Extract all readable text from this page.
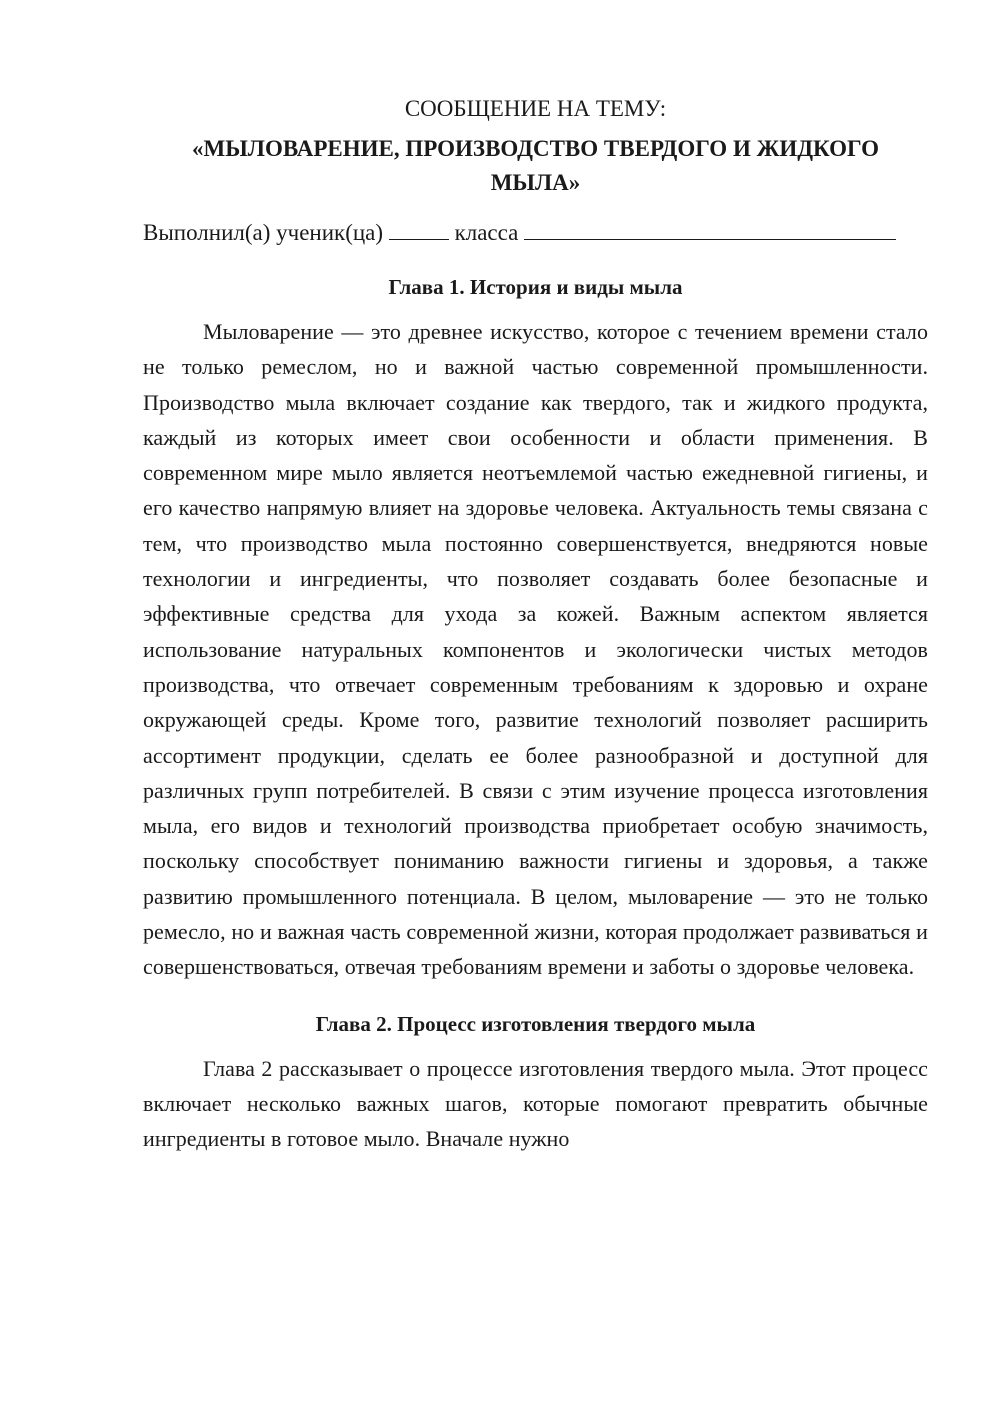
СООБЩЕНИЕ НА ТЕМУ:

«МЫЛОВАРЕНИЕ, ПРОИЗВОДСТВО ТВЕРДОГО И ЖИДКОГО МЫЛА»

Выполнил(а) ученик(ца)	класса

Глава 1. История и виды мыла

Мыловарение — это древнее искусство, которое с течением времени стало не только ремеслом, но и важной частью современной промышленности. Производство мыла включает создание как твердого, так и жидкого продукта, каждый из которых имеет свои особенности и области применения. В современном мире мыло является неотъемлемой частью ежедневной гигиены, и его качество напрямую влияет на здоровье человека. Актуальность темы связана с тем, что производство мыла постоянно совершенствуется, внедряются новые технологии и ингредиенты, что позволяет создавать более безопасные и эффективные средства для ухода за кожей. Важным аспектом является использование натуральных компонентов и экологически чистых методов производства, что отвечает современным требованиям к здоровью и охране окружающей среды. Кроме того, развитие технологий позволяет расширить ассортимент продукции, сделать ее более разнообразной и доступной для различных групп потребителей. В связи с этим изучение процесса изготовления мыла, его видов и технологий производства приобретает особую значимость, поскольку способствует пониманию важности гигиены и здоровья, а также развитию промышленного потенциала. В целом, мыловарение — это не только ремесло, но и важная часть современной жизни, которая продолжает развиваться и совершенствоваться, отвечая требованиям времени и заботы о здоровье человека.

Глава 2. Процесс изготовления твердого мыла

Глава 2 рассказывает о процессе изготовления твердого мыла. Этот процесс включает несколько важных шагов, которые помогают превратить обычные ингредиенты в готовое мыло. Вначале нужно
